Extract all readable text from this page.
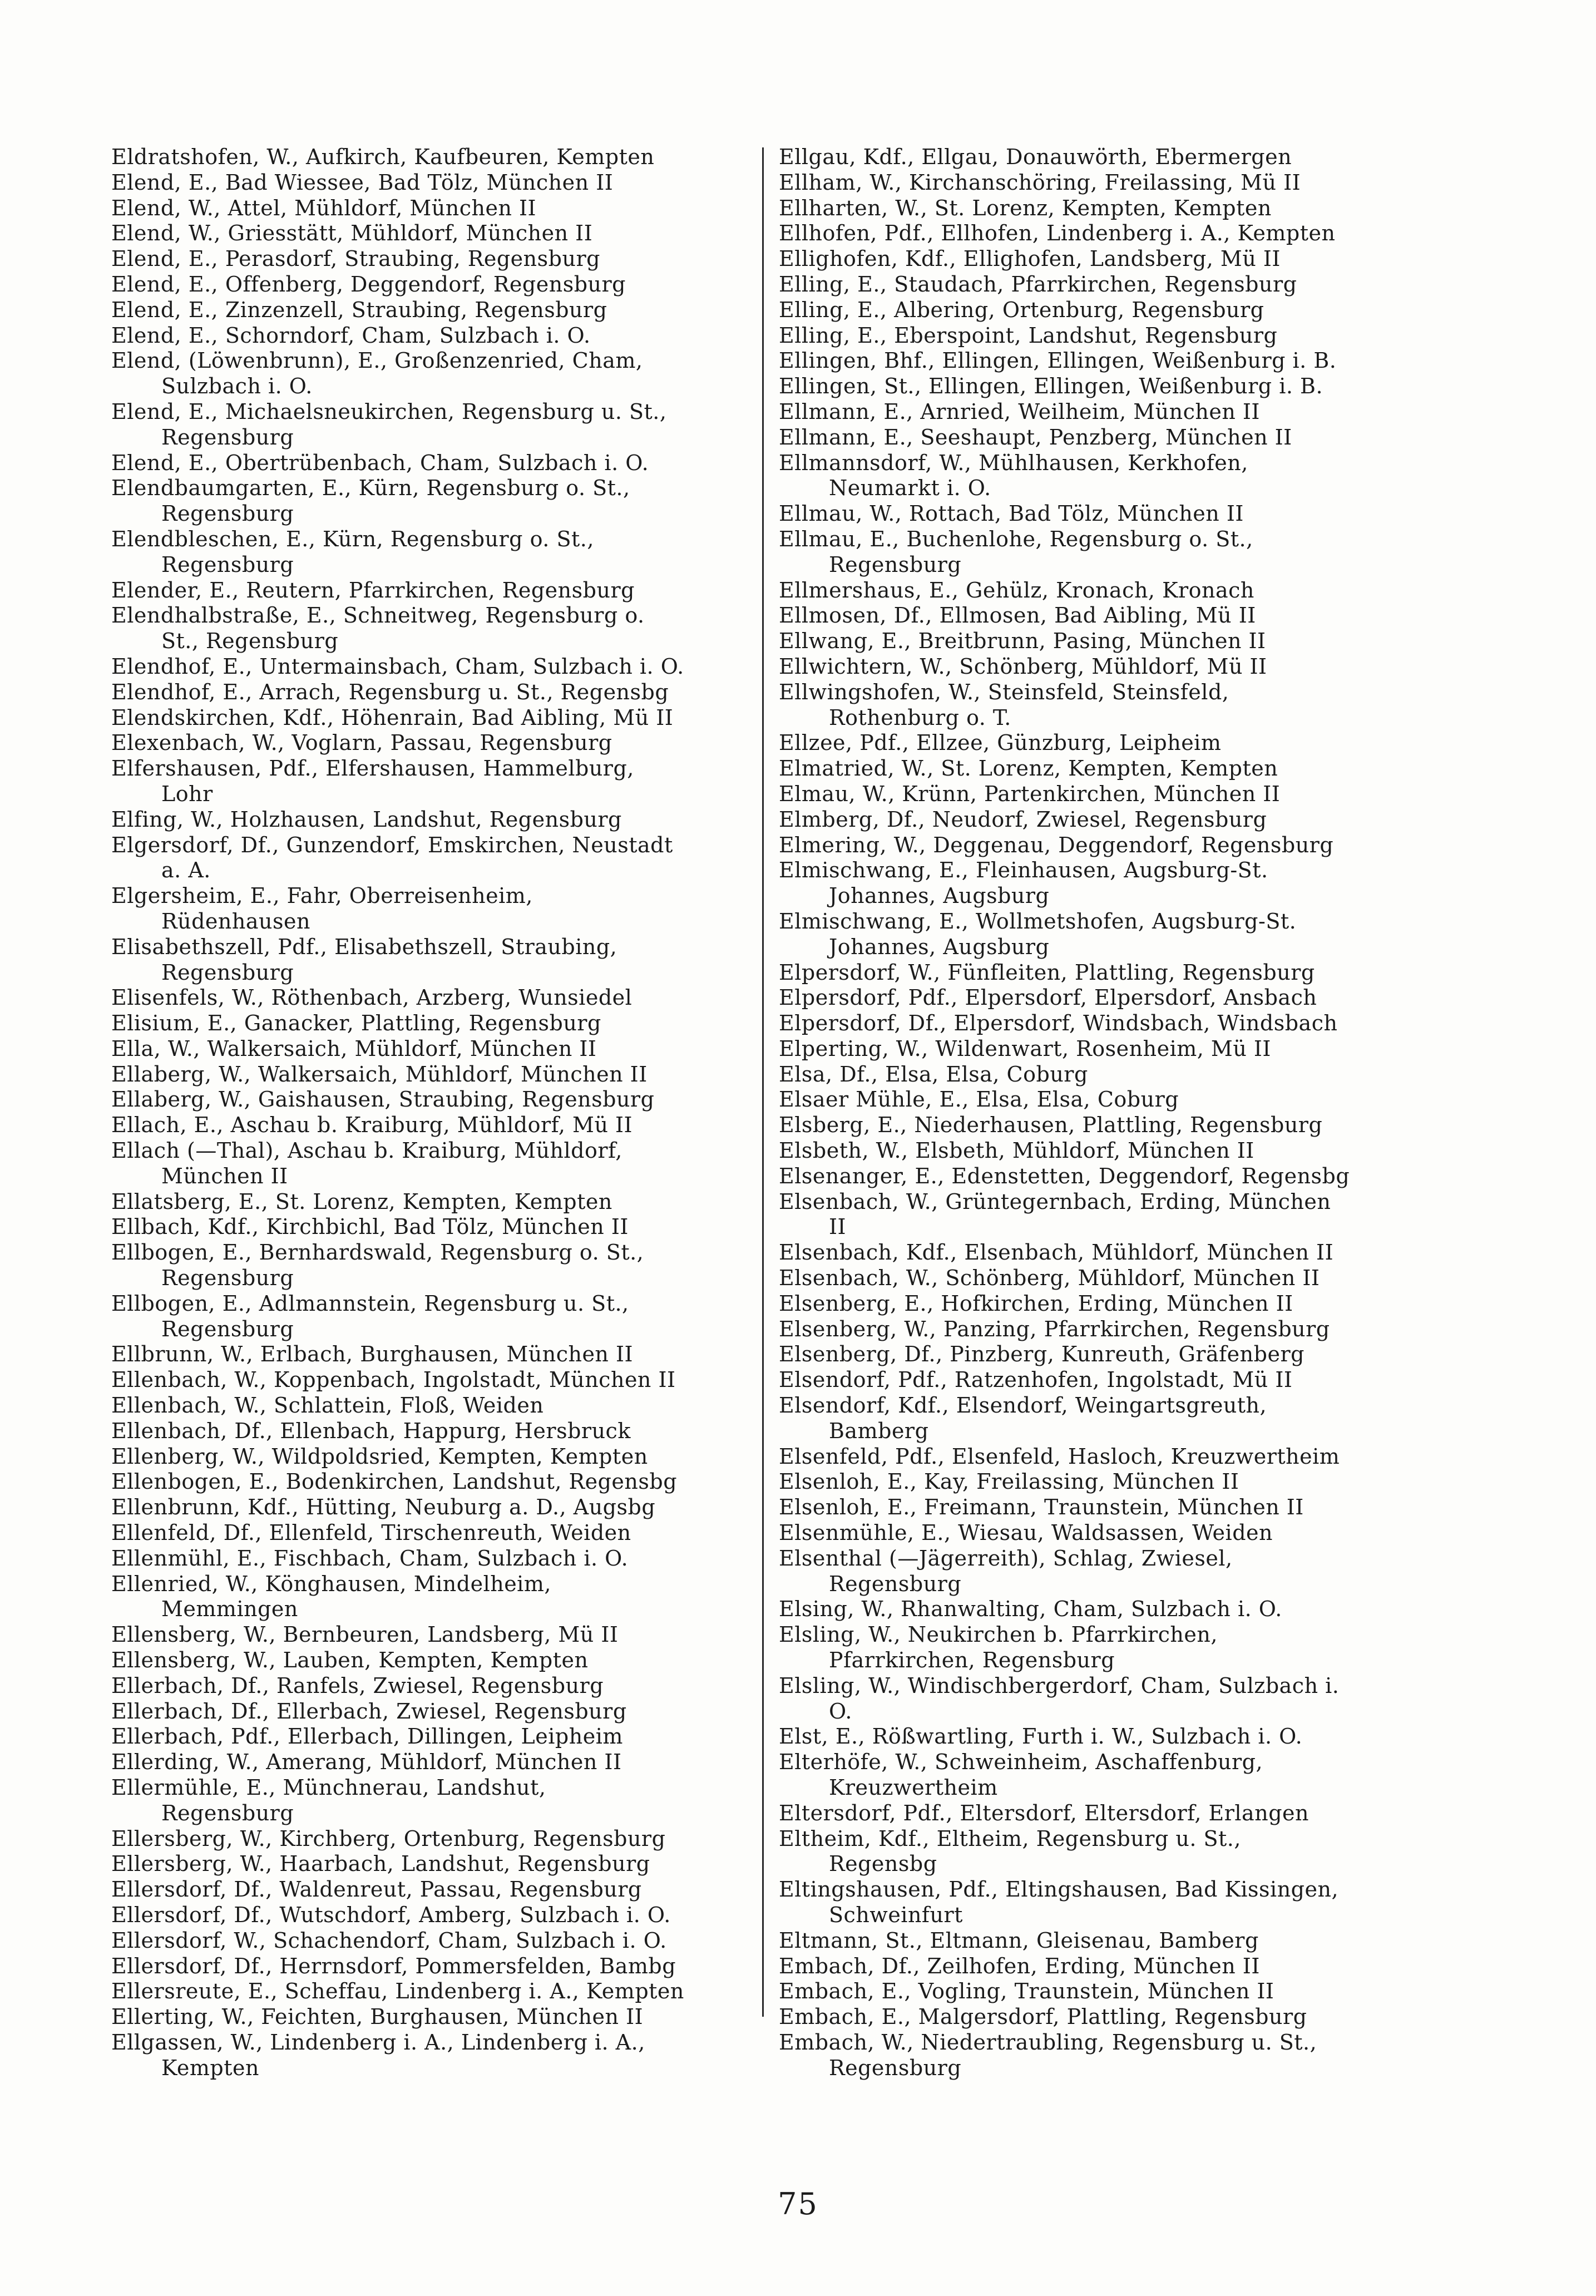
Eldratshofen, W., Aufkirch, Kaufbeuren, Kempten
Elend, E., Bad Wiessee, Bad Tölz, München II
Elend, W., Attel, Mühldorf, München II
Elend, W., Griesstätt, Mühldorf, München II
Elend, E., Perasdorf, Straubing, Regensburg
Elend, E., Offenberg, Deggendorf, Regensburg
Elend, E., Zinzenzell, Straubing, Regensburg
Elend, E., Schorndorf, Cham, Sulzbach i. O.
Elend, (Löwenbrunn), E., Großenzenried, Cham, Sulzbach i. O.
Elend, E., Michaelsneukirchen, Regensburg u. St., Regensburg
Elend, E., Obertrübenbach, Cham, Sulzbach i. O.
Elendbaumgarten, E., Kürn, Regensburg o. St., Regensburg
Elendbleschen, E., Kürn, Regensburg o. St., Regensburg
Elender, E., Reutern, Pfarrkirchen, Regensburg
Elendhalbstraße, E., Schneitweg, Regensburg o. St., Regensburg
Elendhof, E., Untermainsbach, Cham, Sulzbach i. O.
Elendhof, E., Arrach, Regensburg u. St., Regensbg
Elendskirchen, Kdf., Höhenrain, Bad Aibling, Mü II
Elexenbach, W., Voglarn, Passau, Regensburg
Elfershausen, Pdf., Elfershausen, Hammelburg, Lohr
Elfing, W., Holzhausen, Landshut, Regensburg
Elgersdorf, Df., Gunzendorf, Emskirchen, Neustadt a. A.
Elgersheim, E., Fahr, Oberreisenheim, Rüdenhausen
Elisabethszell, Pdf., Elisabethszell, Straubing, Regensburg
Elisenfels, W., Röthenbach, Arzberg, Wunsiedel
Elisium, E., Ganacker, Plattling, Regensburg
Ella, W., Walkersaich, Mühldorf, München II
Ellaberg, W., Walkersaich, Mühldorf, München II
Ellaberg, W., Gaishausen, Straubing, Regensburg
Ellach, E., Aschau b. Kraiburg, Mühldorf, Mü II
Ellach (—Thal), Aschau b. Kraiburg, Mühldorf, München II
Ellatsberg, E., St. Lorenz, Kempten, Kempten
Ellbach, Kdf., Kirchbichl, Bad Tölz, München II
Ellbogen, E., Bernhardswald, Regensburg o. St., Regensburg
Ellbogen, E., Adlmannstein, Regensburg u. St., Regensburg
Ellbrunn, W., Erlbach, Burghausen, München II
Ellenbach, W., Koppenbach, Ingolstadt, München II
Ellenbach, W., Schlattein, Floß, Weiden
Ellenbach, Df., Ellenbach, Happurg, Hersbruck
Ellenberg, W., Wildpoldsried, Kempten, Kempten
Ellenbogen, E., Bodenkirchen, Landshut, Regensbg
Ellenbrunn, Kdf., Hütting, Neuburg a. D., Augsbg
Ellenfeld, Df., Ellenfeld, Tirschenreuth, Weiden
Ellenmühl, E., Fischbach, Cham, Sulzbach i. O.
Ellenried, W., Könghausen, Mindelheim, Memmingen
Ellensberg, W., Bernbeuren, Landsberg, Mü II
Ellensberg, W., Lauben, Kempten, Kempten
Ellerbach, Df., Ranfels, Zwiesel, Regensburg
Ellerbach, Df., Ellerbach, Zwiesel, Regensburg
Ellerbach, Pdf., Ellerbach, Dillingen, Leipheim
Ellerding, W., Amerang, Mühldorf, München II
Ellermühle, E., Münchnerau, Landshut, Regensburg
Ellersberg, W., Kirchberg, Ortenburg, Regensburg
Ellersberg, W., Haarbach, Landshut, Regensburg
Ellersdorf, Df., Waldenreut, Passau, Regensburg
Ellersdorf, Df., Wutschdorf, Amberg, Sulzbach i. O.
Ellersdorf, W., Schachendorf, Cham, Sulzbach i. O.
Ellersdorf, Df., Herrnsdorf, Pommersfelden, Bambg
Ellersreute, E., Scheffau, Lindenberg i. A., Kempten
Ellerting, W., Feichten, Burghausen, München II
Ellgassen, W., Lindenberg i. A., Lindenberg i. A., Kempten
Ellgau, Kdf., Ellgau, Donauwörth, Ebermergen
Ellham, W., Kirchanschöring, Freilassing, Mü II
Ellharten, W., St. Lorenz, Kempten, Kempten
Ellhofen, Pdf., Ellhofen, Lindenberg i. A., Kempten
Ellighofen, Kdf., Ellighofen, Landsberg, Mü II
Elling, E., Staudach, Pfarrkirchen, Regensburg
Elling, E., Albering, Ortenburg, Regensburg
Elling, E., Eberspoint, Landshut, Regensburg
Ellingen, Bhf., Ellingen, Ellingen, Weißenburg i. B.
Ellingen, St., Ellingen, Ellingen, Weißenburg i. B.
Ellmann, E., Arnried, Weilheim, München II
Ellmann, E., Seeshaupt, Penzberg, München II
Ellmannsdorf, W., Mühlhausen, Kerkhofen, Neumarkt i. O.
Ellmau, W., Rottach, Bad Tölz, München II
Ellmau, E., Buchenlohe, Regensburg o. St., Regensburg
Ellmershaus, E., Gehülz, Kronach, Kronach
Ellmosen, Df., Ellmosen, Bad Aibling, Mü II
Ellwang, E., Breitbrunn, Pasing, München II
Ellwichtern, W., Schönberg, Mühldorf, Mü II
Ellwingshofen, W., Steinsfeld, Steinsfeld, Rothenburg o. T.
Ellzee, Pdf., Ellzee, Günzburg, Leipheim
Elmatried, W., St. Lorenz, Kempten, Kempten
Elmau, W., Krünn, Partenkirchen, München II
Elmberg, Df., Neudorf, Zwiesel, Regensburg
Elmering, W., Deggenau, Deggendorf, Regensburg
Elmischwang, E., Fleinhausen, Augsburg-St. Johannes, Augsburg
Elmischwang, E., Wollmetshofen, Augsburg-St. Johannes, Augsburg
Elpersdorf, W., Fünfleiten, Plattling, Regensburg
Elpersdorf, Pdf., Elpersdorf, Elpersdorf, Ansbach
Elpersdorf, Df., Elpersdorf, Windsbach, Windsbach
Elperting, W., Wildenwart, Rosenheim, Mü II
Elsa, Df., Elsa, Elsa, Coburg
Elsaer Mühle, E., Elsa, Elsa, Coburg
Elsberg, E., Niederhausen, Plattling, Regensburg
Elsbeth, W., Elsbeth, Mühldorf, München II
Elsenanger, E., Edenstetten, Deggendorf, Regensbg
Elsenbach, W., Grüntegernbach, Erding, München II
Elsenbach, Kdf., Elsenbach, Mühldorf, München II
Elsenbach, W., Schönberg, Mühldorf, München II
Elsenberg, E., Hofkirchen, Erding, München II
Elsenberg, W., Panzing, Pfarrkirchen, Regensburg
Elsenberg, Df., Pinzberg, Kunreuth, Gräfenberg
Elsendorf, Pdf., Ratzenhofen, Ingolstadt, Mü II
Elsendorf, Kdf., Elsendorf, Weingartsgreuth, Bamberg
Elsenfeld, Pdf., Elsenfeld, Hasloch, Kreuzwertheim
Elsenloh, E., Kay, Freilassing, München II
Elsenloh, E., Freimann, Traunstein, München II
Elsenmühle, E., Wiesau, Waldsassen, Weiden
Elsenthal (—Jägerreith), Schlag, Zwiesel, Regensburg
Elsing, W., Rhanwalting, Cham, Sulzbach i. O.
Elsling, W., Neukirchen b. Pfarrkirchen, Pfarrkirchen, Regensburg
Elsling, W., Windischbergerdorf, Cham, Sulzbach i. O.
Elst, E., Rößwartling, Furth i. W., Sulzbach i. O.
Elterhöfe, W., Schweinheim, Aschaffenburg, Kreuzwertheim
Eltersdorf, Pdf., Eltersdorf, Eltersdorf, Erlangen
Eltheim, Kdf., Eltheim, Regensburg u. St., Regensbg
Eltingshausen, Pdf., Eltingshausen, Bad Kissingen, Schweinfurt
Eltmann, St., Eltmann, Gleisenau, Bamberg
Embach, Df., Zeilhofen, Erding, München II
Embach, E., Vogling, Traunstein, München II
Embach, E., Malgersdorf, Plattling, Regensburg
Embach, W., Niedertraubling, Regensburg u. St., Regensburg
75
